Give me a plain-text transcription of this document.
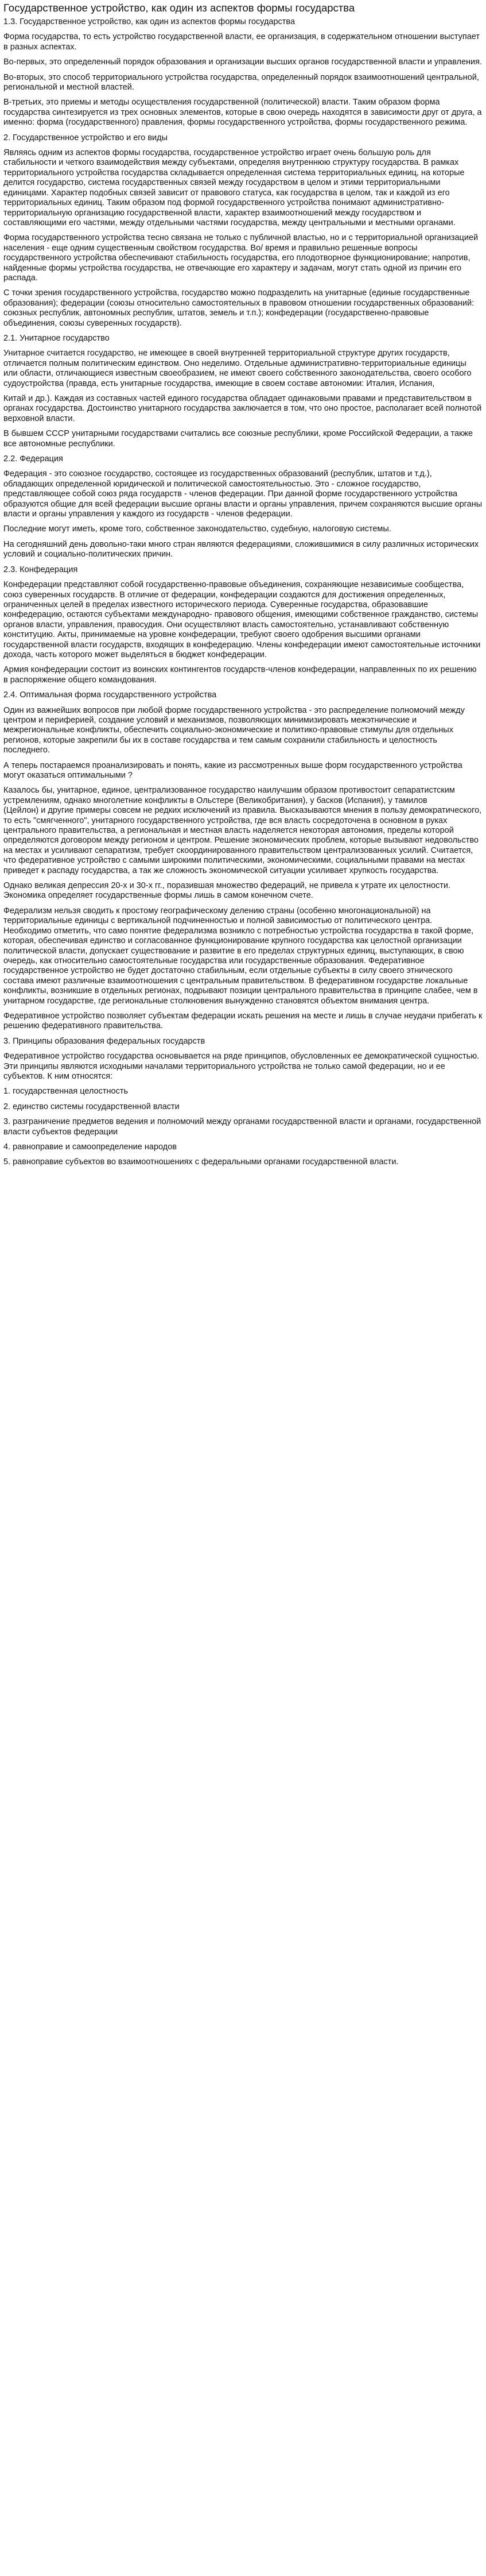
Государственное устройство, как один из аспектов формы государства
1.3. Государственное устройство, как один из аспектов формы государства
Форма государства, то есть устройство государственной власти, ее организация, в содержательном отношении выступает в разных аспектах.
Во-первых, это определенный порядок образования и организации высших органов государственной власти и управления.
Во-вторых, это способ территориального устройства государства, определенный порядок взаимоотношений центральной, региональной и местной властей.
В-третьих, это приемы и методы осуществления государственной (политической) власти. Таким образом форма государства синтезируется из трех основных элементов, которые в свою очередь находятся в зависимости друг от друга, а именно: форма (государственного) правления, формы государственного устройства, формы государственного режима.
2. Государственное устройство и его виды
Являясь одним из аспектов формы государства, государственное устройство играет очень большую роль для стабильности и четкого взаимодействия между субъектами, определяя внутреннюю структуру государства. В рамках территориального устройства государства складывается определенная система территориальных единиц, на которые делится государство, система государственных связей между государством в целом и этими территориальными единицами. Характер подобных связей зависит от правового статуса, как государства в целом, так и каждой из его территориальных единиц. Таким образом под формой государственного устройства понимают административно- территориальную организацию государственной власти, характер взаимоотношений между государством и составляющими его частями, между отдельными частями государства, между центральными и местными органами.
Форма государственного устройства тесно связана не только с публичной властью, но и с территориальной организацией населения - еще одним существенным свойством государства. Во/ время и правильно решенные вопросы государственного устройства обеспечивают стабильность государства, его плодотворное функционирование; напротив, найденные формы устройства государства, не отвечающие его характеру и задачам, могут стать одной из причин его распада.
С точки зрения государственного устройства, государство можно подразделить на унитарные (единые государственные образования); федерации (союзы относительно самостоятельных в правовом отношении государственных образований: союзных республик, автономных республик, штатов, земель и т.п.); конфедерации (государственно-правовые объединения, союзы суверенных государств).
2.1. Унитарное государство
Унитарное считается государство, не имеющее в своей внутренней территориальной структуре других государств, отличается полным политическим единством. Оно неделимо. Отдельные административно-территориальные единицы или области, отличающиеся известным своеобразием, не имеют своего собственного законодательства, своего особого судоустройства (правда, есть унитарные государства, имеющие в своем составе автономии: Италия, Испания,
Китай и др.). Каждая из составных частей единого государства обладает одинаковыми правами и представительством в органах государства. Достоинство унитарного государства заключается в том, что оно простое, располагает всей полнотой верховной власти.
В бывшем СССР унитарными государствами считались все союзные республики, кроме Российской Федерации, а также все автономные республики.
2.2. Федерация
Федерация - это союзное государство, состоящее из государственных образований (республик, штатов и т.д.), обладающих определенной юридической и политической самостоятельностью. Это - сложное государство, представляющее собой союз ряда государств - членов федерации. При данной форме государственного устройства образуются общие для всей федерации высшие органы власти и органы управления, причем сохраняются высшие органы власти и органы управления у каждого из государств - членов федерации.
Последние могут иметь, кроме того, собственное законодательство, судебную, налоговую системы.
На сегодняшний день довольно-таки много стран являются федерациями, сложившимися в силу различных исторических условий и социально-политических причин.
2.3. Конфедерация
Конфедерации представляют собой государственно-правовые объединения, сохраняющие независимые сообщества, союз суверенных государств. В отличие от федерации, конфедерации создаются для достижения определенных, ограниченных целей в пределах известного исторического периода. Суверенные государства, образовавшие конфедерацию, остаются субъектами международно- правового общения, имеющими собственное гражданство, системы органов власти, управления, правосудия. Они осуществляют власть самостоятельно, устанавливают собственную конституцию. Акты, принимаемые на уровне конфедерации, требуют своего одобрения высшими органами государственной власти государств, входящих в конфедерацию. Члены конфедерации имеют самостоятельные источники дохода, часть которого может выделяться в бюджет конфедерации.
Армия конфедерации состоит из воинских контингентов государств-членов конфедерации, направленных по их решению в распоряжение общего командования.
2.4. Оптимальная форма государственного устройства
Один из важнейших вопросов при любой форме государственного устройства - это распределение полномочий между центром и периферией, создание условий и механизмов, позволяющих минимизировать межэтнические и межрегиональные конфликты, обеспечить социально-экономические и политико-правовые стимулы для отдельных регионов, которые закрепили бы их в составе государства и тем самым сохранили стабильность и целостность последнего.
А теперь постараемся проанализировать и понять, какие из рассмотренных выше форм государственного устройства могут оказаться оптимальными ?
Казалось бы, унитарное, единое, централизованное государство наилучшим образом противостоит сепаратистским устремлениям, однако многолетние конфликты в Ольстере (Великобритания), у басков (Испания), у тамилов
(Цейлон) и другие примеры совсем не редких исключений из правила. Высказываются мнения в пользу демократического, то есть "смягченного", унитарного государственного устройства, где вся власть сосредоточена в основном в руках центрального правительства, а региональная и местная власть наделяется некоторая автономия, пределы которой определяются договором между регионом и центром. Решение экономических проблем, которые вызывают недовольство на местах и усиливают сепаратизм, требует скоординированного правительством централизованных усилий. Считается, что федеративное устройство с самыми широкими политическими, экономическими, социальными правами на местах приведет к распаду государства, а так же сложность экономической ситуации усиливает хрупкость государства.
Однако великая депрессия 20-х и 30-х гг., поразившая множество федераций, не привела к утрате их целостности. Экономика определяет государственные формы лишь в самом конечном счете.
Федерализм нельзя сводить к простому географическому делению страны (особенно многонациональной) на территориальные единицы с вертикальной подчиненностью и полной зависимостью от политического центра. Необходимо отметить, что само понятие федерализма возникло с потребностью устройства государства в такой форме, которая, обеспечивая единство и согласованное функционирование крупного государства как целостной организации политической власти, допускает существование и развитие в его пределах структурных единиц, выступающих, в свою очередь, как относительно самостоятельные государства или государственные образования. Федеративное государственное устройство не будет достаточно стабильным, если отдельные субъекты в силу своего этнического состава имеют различные взаимоотношения с центральным правительством. В федеративном государстве локальные конфликты, возникшие в отдельных регионах, подрывают позиции центрального правительства в принципе слабее, чем в унитарном государстве, где региональные столкновения вынужденно становятся объектом внимания центра.
Федеративное устройство позволяет субъектам федерации искать решения на месте и лишь в случае неудачи прибегать к решению федеративного правительства.
3. Принципы образования федеральных государств
Федеративное устройство государства основывается на ряде принципов, обусловленных ее демократической сущностью. Эти принципы являются исходными началами территориального устройства не только самой федерации, но и ее субъектов. К ним относятся:
1. государственная целостность
2. единство системы государственной власти
3. разграничение предметов ведения и полномочий между органами государственной власти и органами, государственной власти субъектов федерации
4. равноправие и самоопределение народов
5. равноправие субъектов во взаимоотношениях с федеральными органами государственной власти.
